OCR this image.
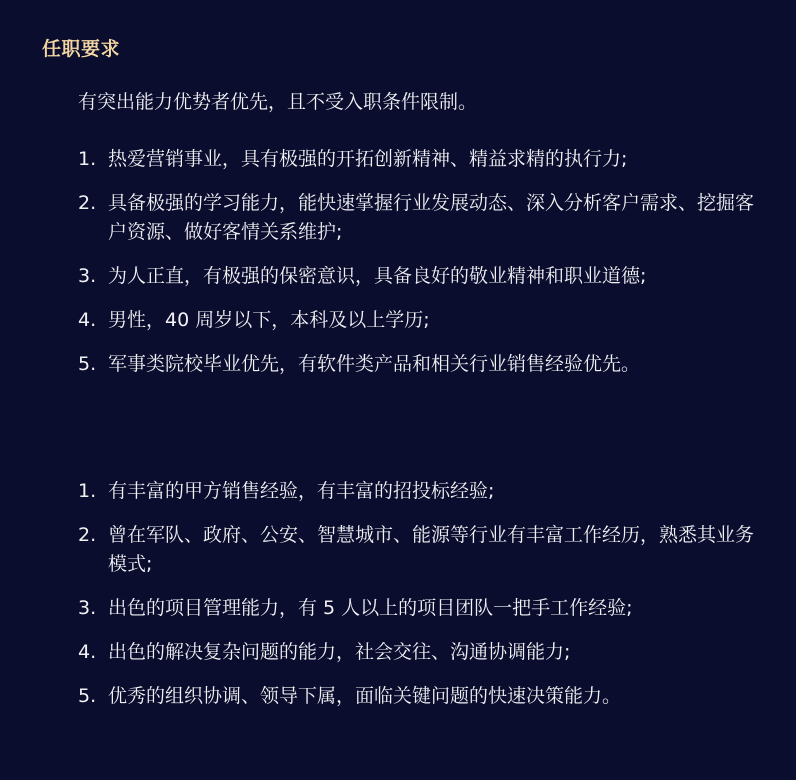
任职要求
有突出能力优势者优先，且不受入职条件限制。
1. 热爱营销事业，具有极强的开拓创新精神、精益求精的执行力;
2. 具备极强的学习能力，能快速掌握行业发展动态、深入分析客户需求、挖掘客户资源、做好客情关系维护;
3. 为人正直，有极强的保密意识，具备良好的敬业精神和职业道德;
4. 男性，40 周岁以下，本科及以上学历;
5. 军事类院校毕业优先，有软件类产品和相关行业销售经验优先。
1. 有丰富的甲方销售经验，有丰富的招投标经验;
2. 曾在军队、政府、公安、智慧城市、能源等行业有丰富工作经历，熟悉其业务模式;
3. 出色的项目管理能力，有 5 人以上的项目团队一把手工作经验;
4. 出色的解决复杂问题的能力，社会交往、沟通协调能力;
5. 优秀的组织协调、领导下属，面临关键问题的快速决策能力。
